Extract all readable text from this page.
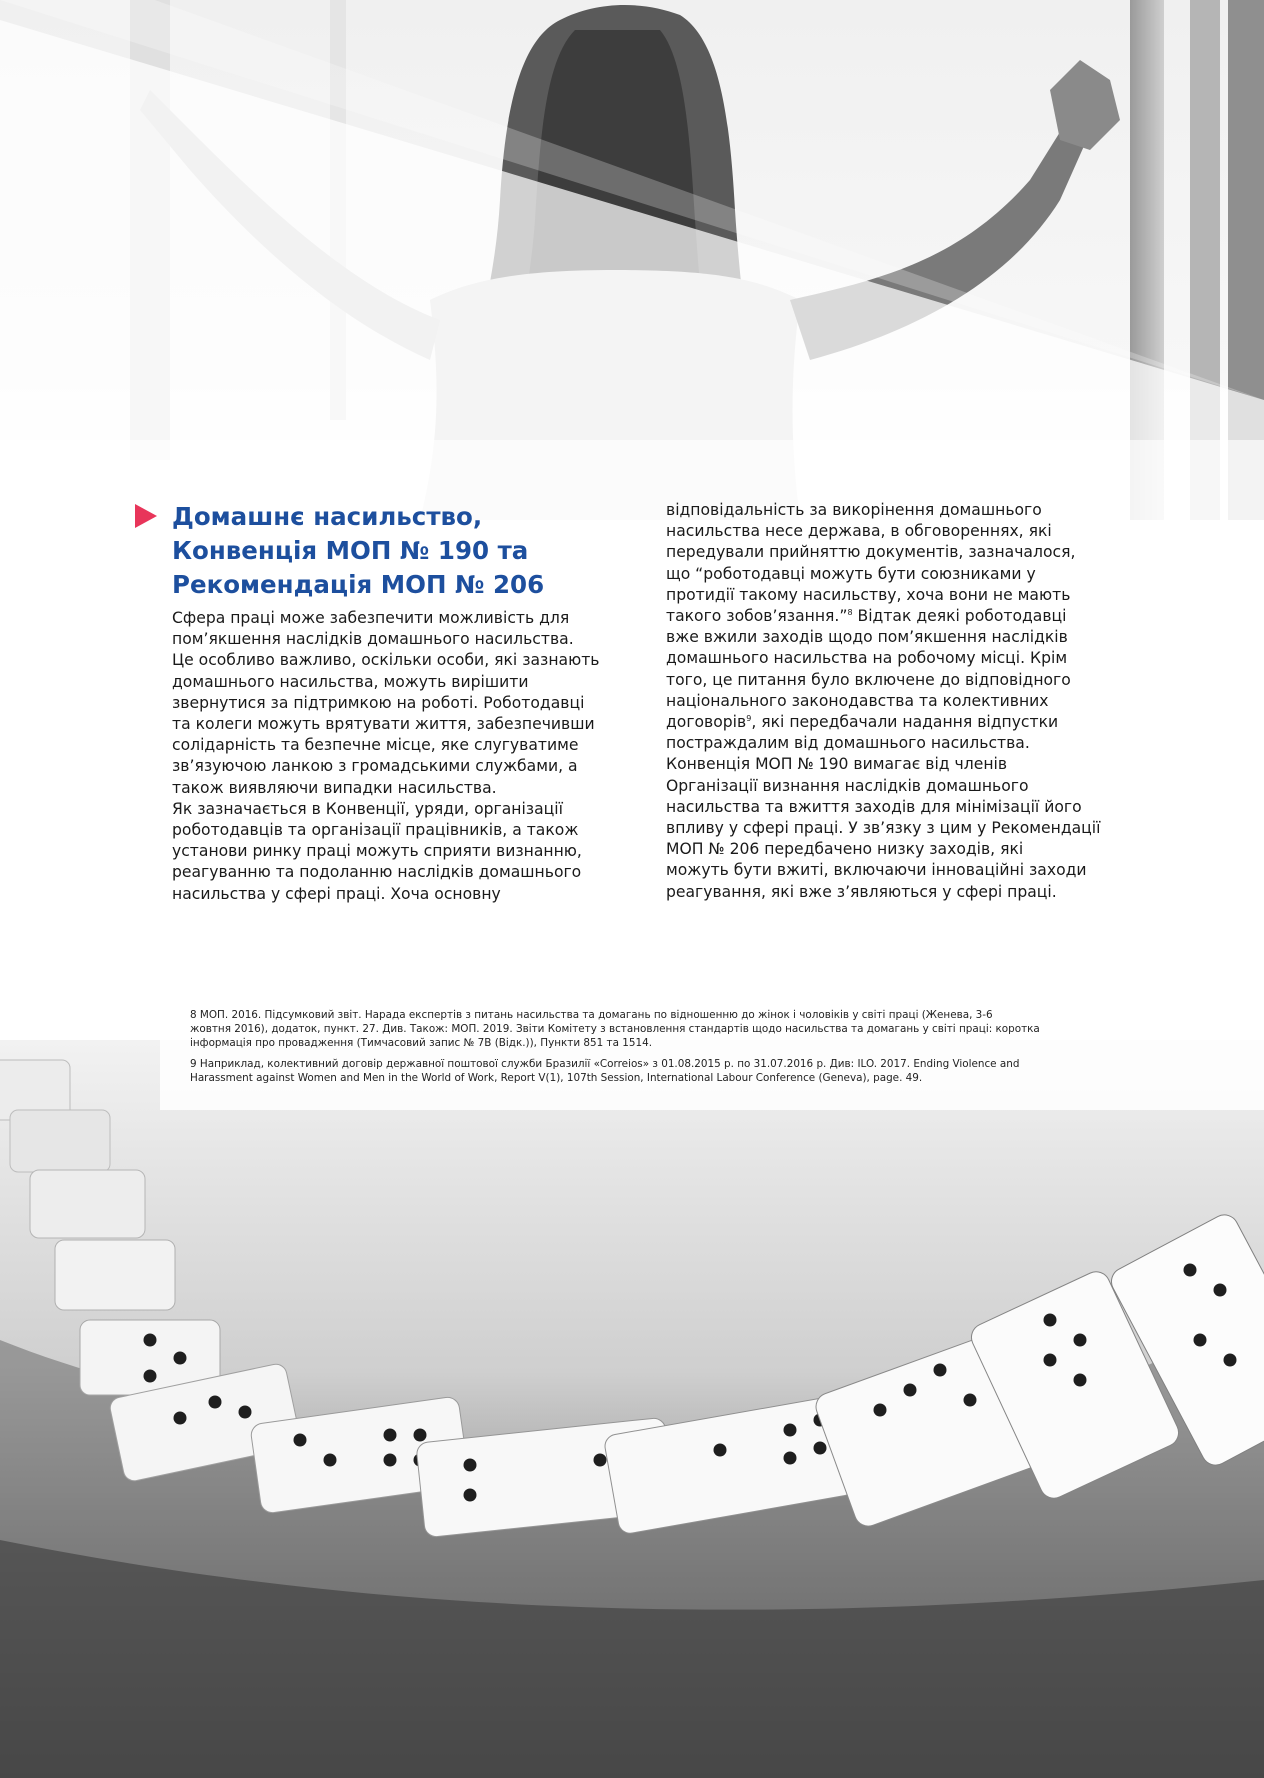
Домашнє насильство,
Конвенція МОП № 190 та
Рекомендація МОП № 206
Сфера праці може забезпечити можливість для
пом’якшення наслідків домашнього насильства.
Це особливо важливо, оскільки особи, які зазнають
домашнього насильства, можуть вирішити
звернутися за підтримкою на роботі. Роботодавці
та колеги можуть врятувати життя, забезпечивши
солідарність та безпечне місце, яке слугуватиме
зв’язуючою ланкою з громадськими службами, а
також виявляючи випадки насильства.
Як зазначається в Конвенції, уряди, організації
роботодавців та організації працівників, а також
установи ринку праці можуть сприяти визнанню,
реагуванню та подоланню наслідків домашнього
насильства у сфері праці. Хоча основну
відповідальність за викорінення домашнього
насильства несе держава, в обговореннях, які
передували прийняттю документів, зазначалося,
що “роботодавці можуть бути союзниками у
протидії такому насильству, хоча вони не мають
такого зобов’язання.”$^8$ Відтак деякі роботодавці
вже вжили заходів щодо пом’якшення наслідків
домашнього насильства на робочому місці. Крім
того, це питання було включене до відповідного
національного законодавства та колективних
договорів$^9$, які передбачали надання відпустки
постраждалим від домашнього насильства.
Конвенція МОП № 190 вимагає від членів
Організації визнання наслідків домашнього
насильства та вжиття заходів для мінімізації його
впливу у сфері праці. У зв’язку з цим у Рекомендації
МОП № 206 передбачено низку заходів, які
можуть бути вжиті, включаючи інноваційні заходи
реагування, які вже з’являються у сфері праці.
8 МОП. 2016. Підсумковий звіт. Нарада експертів з питань насильства та домагань по відношенню до жінок і чоловіків у світі праці (Женева, 3-6
жовтня 2016), додаток, пункт. 27. Див. Також: МОП. 2019. Звіти Комітету з встановлення стандартів щодо насильства та домагань у світі праці: коротка
інформація про провадження (Тимчасовий запис № 7B (Відк.)), Пункти 851 та 1514.
9 Наприклад, колективний договір державної поштової служби Бразилії «Correios» з 01.08.2015 р. по 31.07.2016 р. Див: ILO. 2017. Ending Violence and
Harassment against Women and Men in the World of Work, Report V(1), 107th Session, International Labour Conference (Geneva), page. 49.
